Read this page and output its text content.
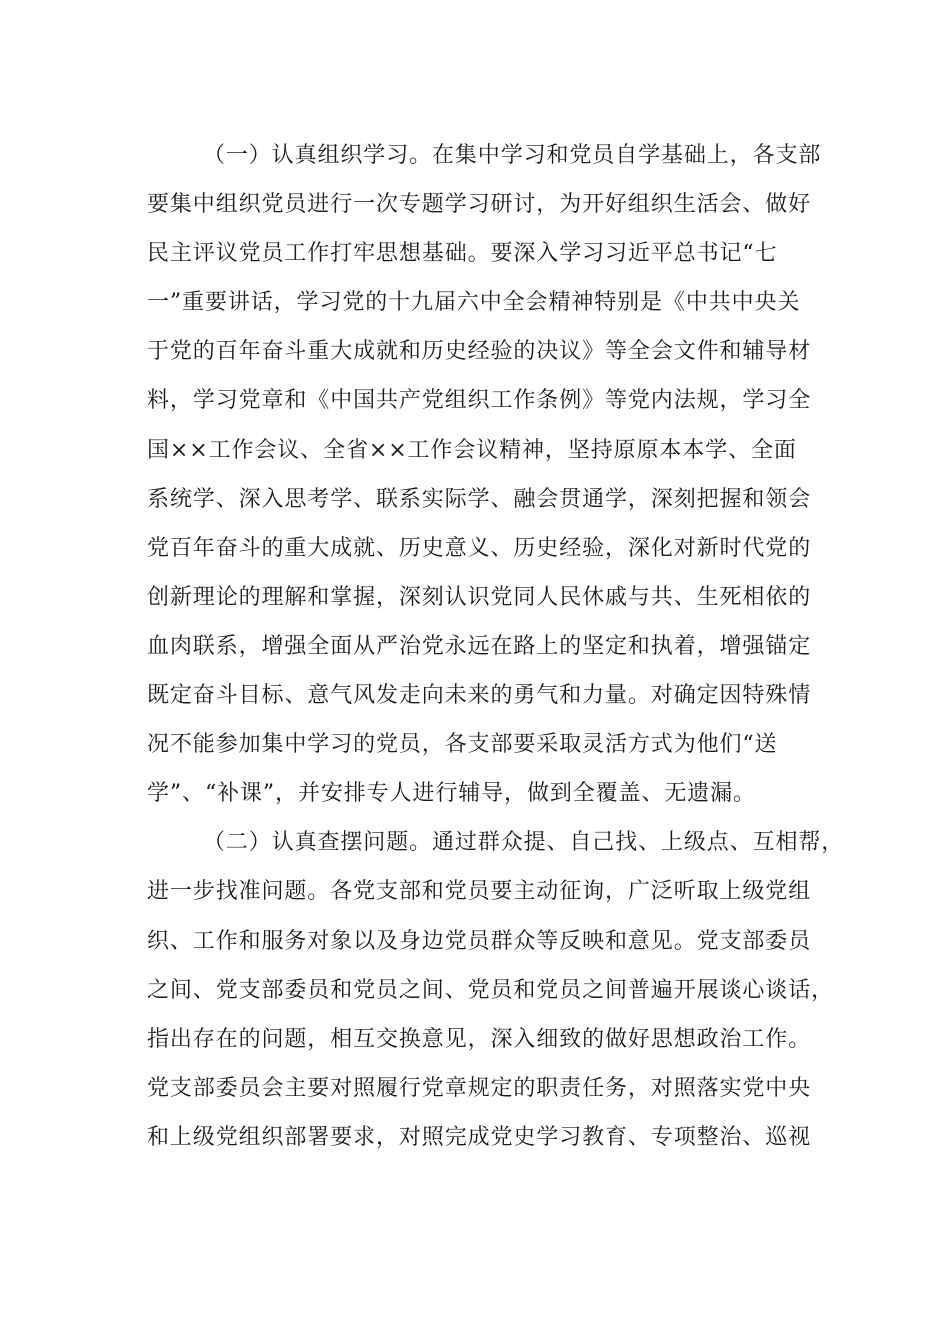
（一）认真组织学习。在集中学习和党员自学基础上，各支部
要集中组织党员进行一次专题学习研讨，为开好组织生活会、做好
民主评议党员工作打牢思想基础。要深入学习习近平总书记“七
一”重要讲话，学习党的十九届六中全会精神特别是《中共中央关
于党的百年奋斗重大成就和历史经验的决议》等全会文件和辅导材
料，学习党章和《中国共产党组织工作条例》等党内法规，学习全
国××工作会议、全省××工作会议精神，坚持原原本本学、全面
系统学、深入思考学、联系实际学、融会贯通学，深刻把握和领会
党百年奋斗的重大成就、历史意义、历史经验，深化对新时代党的
创新理论的理解和掌握，深刻认识党同人民休戚与共、生死相依的
血肉联系，增强全面从严治党永远在路上的坚定和执着，增强锚定
既定奋斗目标、意气风发走向未来的勇气和力量。对确定因特殊情
况不能参加集中学习的党员，各支部要采取灵活方式为他们“送
学”、“补课”，并安排专人进行辅导，做到全覆盖、无遗漏。
（二）认真查摆问题。通过群众提、自己找、上级点、互相帮，
进一步找准问题。各党支部和党员要主动征询，广泛听取上级党组
织、工作和服务对象以及身边党员群众等反映和意见。党支部委员
之间、党支部委员和党员之间、党员和党员之间普遍开展谈心谈话，
指出存在的问题，相互交换意见，深入细致的做好思想政治工作。
党支部委员会主要对照履行党章规定的职责任务，对照落实党中央
和上级党组织部署要求，对照完成党史学习教育、专项整治、巡视
